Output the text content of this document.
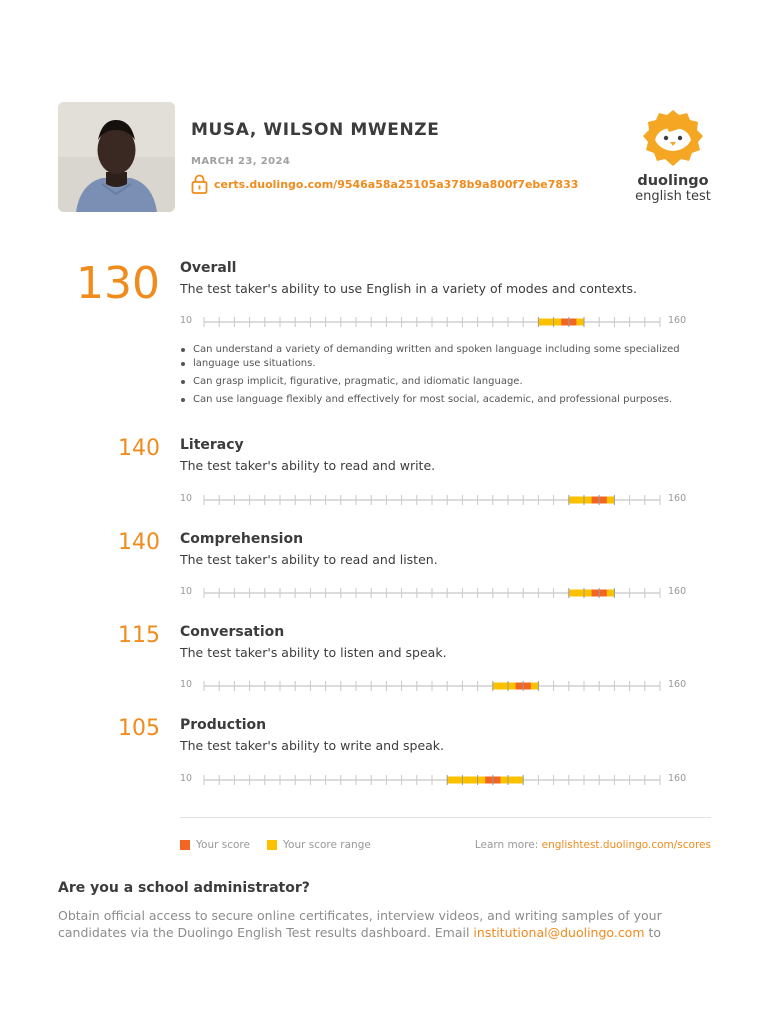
MUSA, WILSON MWENZE
MARCH 23, 2024
certs.duolingo.com/9546a58a25105a378b9a800f7ebe7833	duolingo
english test
130 Overall
The test taker's ability to use English in a variety of modes and contexts.
10	160
Can understand a variety of demanding written and spoken language including some specialized
language use situations.
Can grasp implicit, figurative, pragmatic, and idiomatic language.
Can use language flexibly and effectively for most social, academic, and professional purposes.
140 Literacy
The test taker's ability to read and write.
10	160
140 Comprehension
The test taker's ability to read and listen.
10	160
115 Conversation
The test taker's ability to listen and speak.
10	160
105 Production
The test taker's ability to write and speak.
10	160
Your score	Your score range	Learn more: englishtest.duolingo.com/scores
Are you a school administrator?
Obtain official access to secure online certificates, interview videos, and writing samples of your
candidates via the Duolingo English Test results dashboard. Email institutional@duolingo.com to
